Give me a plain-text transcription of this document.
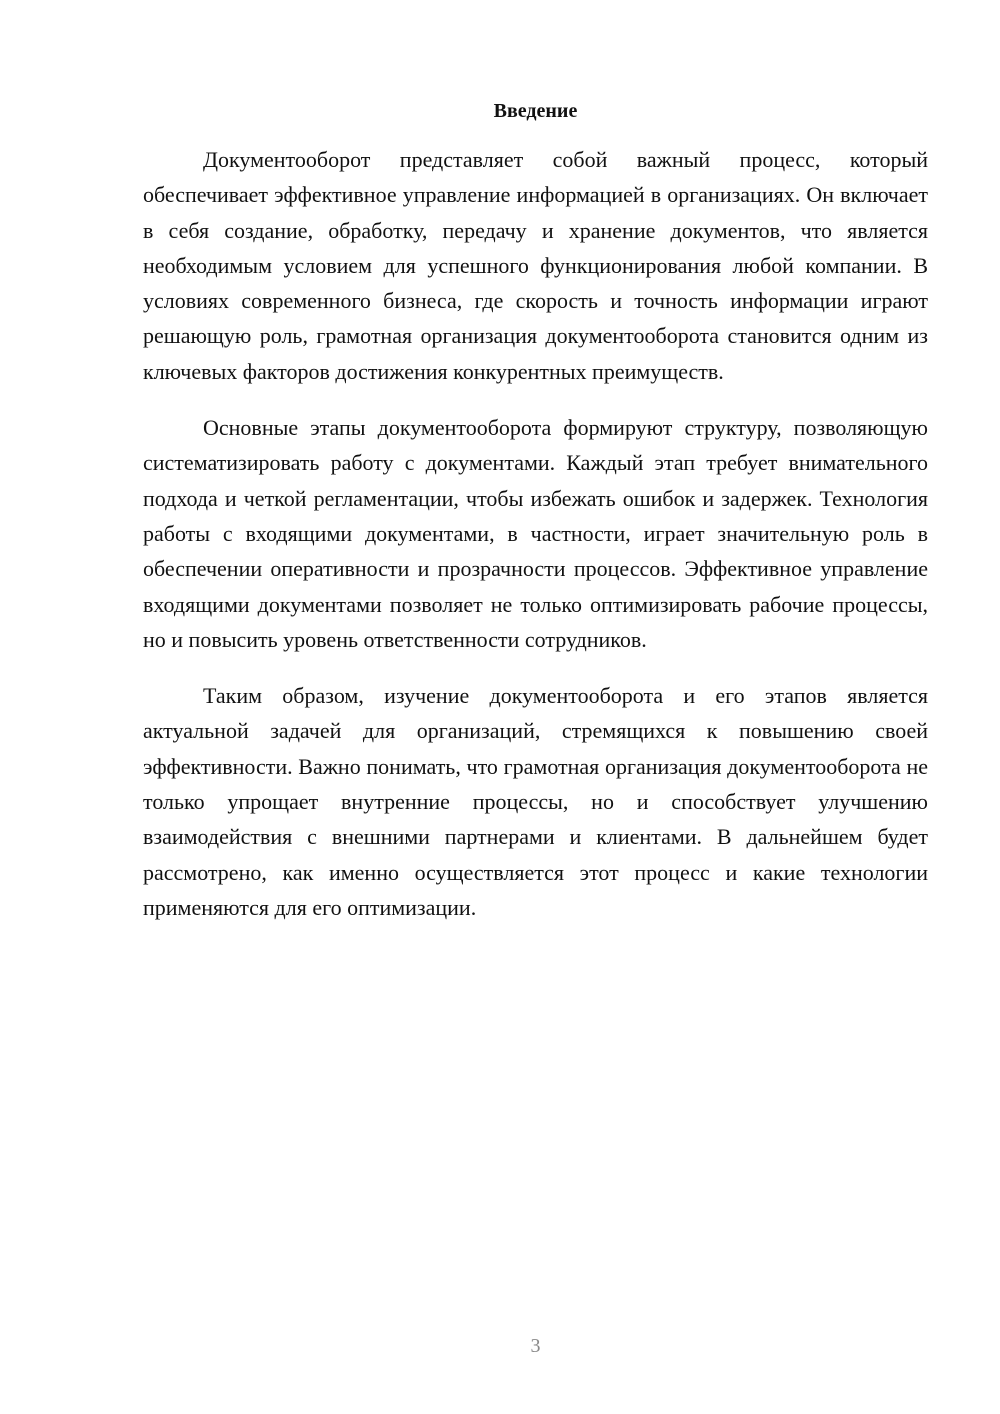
Введение

Документооборот представляет собой важный процесс, который обеспечивает эффективное управление информацией в организациях. Он включает в себя создание, обработку, передачу и хранение документов, что является необходимым условием для успешного функционирования любой компании. В условиях современного бизнеса, где скорость и точность информации играют решающую роль, грамотная организация документооборота становится одним из ключевых факторов достижения конкурентных преимуществ.

Основные этапы документооборота формируют структуру, позволяющую систематизировать работу с документами. Каждый этап требует внимательного подхода и четкой регламентации, чтобы избежать ошибок и задержек. Технология работы с входящими документами, в частности, играет значительную роль в обеспечении оперативности и прозрачности процессов. Эффективное управление входящими документами позволяет не только оптимизировать рабочие процессы, но и повысить уровень ответственности сотрудников.

Таким образом, изучение документооборота и его этапов является актуальной задачей для организаций, стремящихся к повышению своей эффективности. Важно понимать, что грамотная организация документооборота не только упрощает внутренние процессы, но и способствует улучшению взаимодействия с внешними партнерами и клиентами. В дальнейшем будет рассмотрено, как именно осуществляется этот процесс и какие технологии применяются для его оптимизации.

3
